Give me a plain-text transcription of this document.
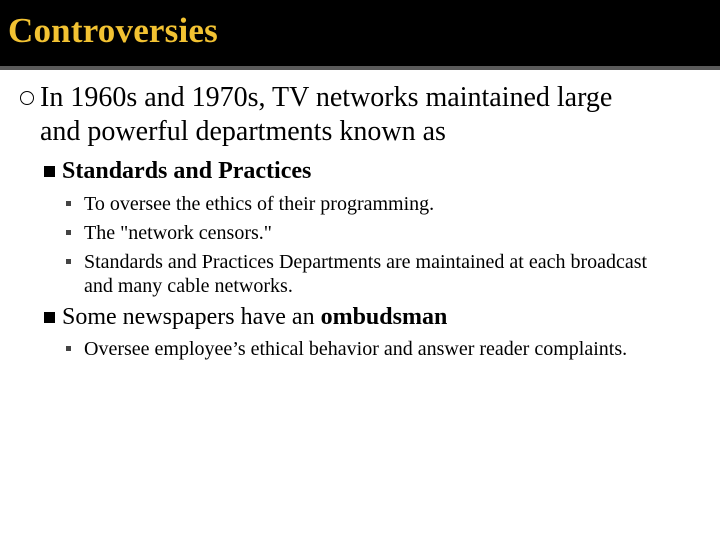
Controversies
In 1960s and 1970s, TV networks maintained large
and powerful departments known as
Standards and Practices
To oversee the ethics of their programming.
The "network censors."
Standards and Practices Departments are maintained at each broadcast
and many cable networks.
Some newspapers have an ombudsman
Oversee employee’s ethical behavior and answer reader complaints.
